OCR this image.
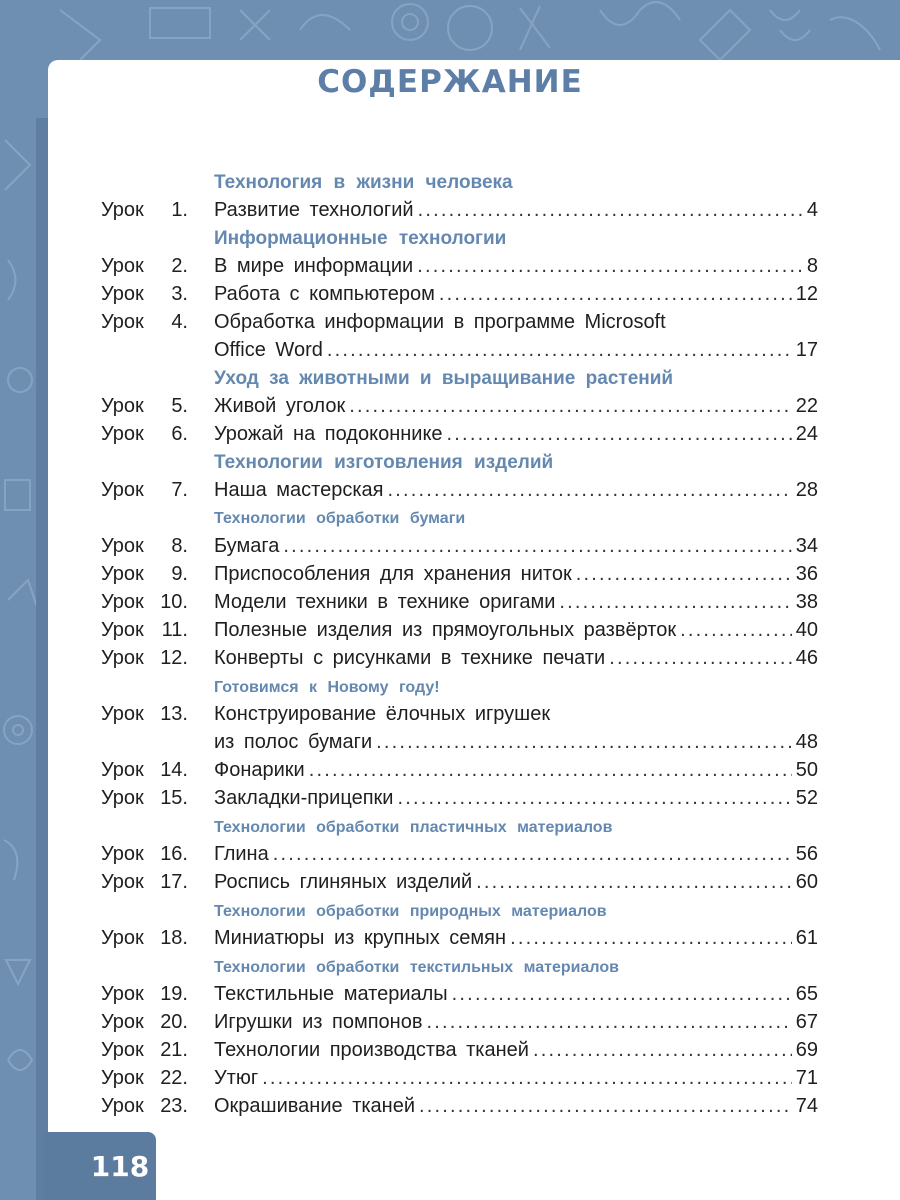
118
СОДЕРЖАНИЕ
Технология в жизни человека
Урок 1. Развитие технологий .....	4
Информационные технологии
Урок 2. В мире информации .....	8
Урок 3. Работа с компьютером .....	12
Урок 4. Обработка информации в программе Microsoft
Office Word .....	17
Уход за животными и выращивание растений
Урок 5. Живой уголок .....	22
Урок 6. Урожай на подоконнике .....	24
Технологии изготовления изделий
Урок 7. Наша мастерская .....	28
Технологии обработки бумаги
Урок 8. Бумага .....	34
Урок 9. Приспособления для хранения ниток .....	36
Урок 10. Модели техники в технике оригами .....	38
Урок 11. Полезные изделия из прямоугольных развёрток .....	40
Урок 12. Конверты с рисунками в технике печати .....	46
Готовимся к Новому году!
Урок 13. Конструирование ёлочных игрушек
из полос бумаги .....	48
Урок 14. Фонарики .....	50
Урок 15. Закладки-прицепки .....	52
Технологии обработки пластичных материалов
Урок 16. Глина .....	56
Урок 17. Роспись глиняных изделий .....	60
Технологии обработки природных материалов
Урок 18. Миниатюры из крупных семян .....	61
Технологии обработки текстильных материалов
Урок 19. Текстильные материалы .....	65
Урок 20. Игрушки из помпонов .....	67
Урок 21. Технологии производства тканей .....	69
Урок 22. Утюг .....	71
Урок 23. Окрашивание тканей .....	74
